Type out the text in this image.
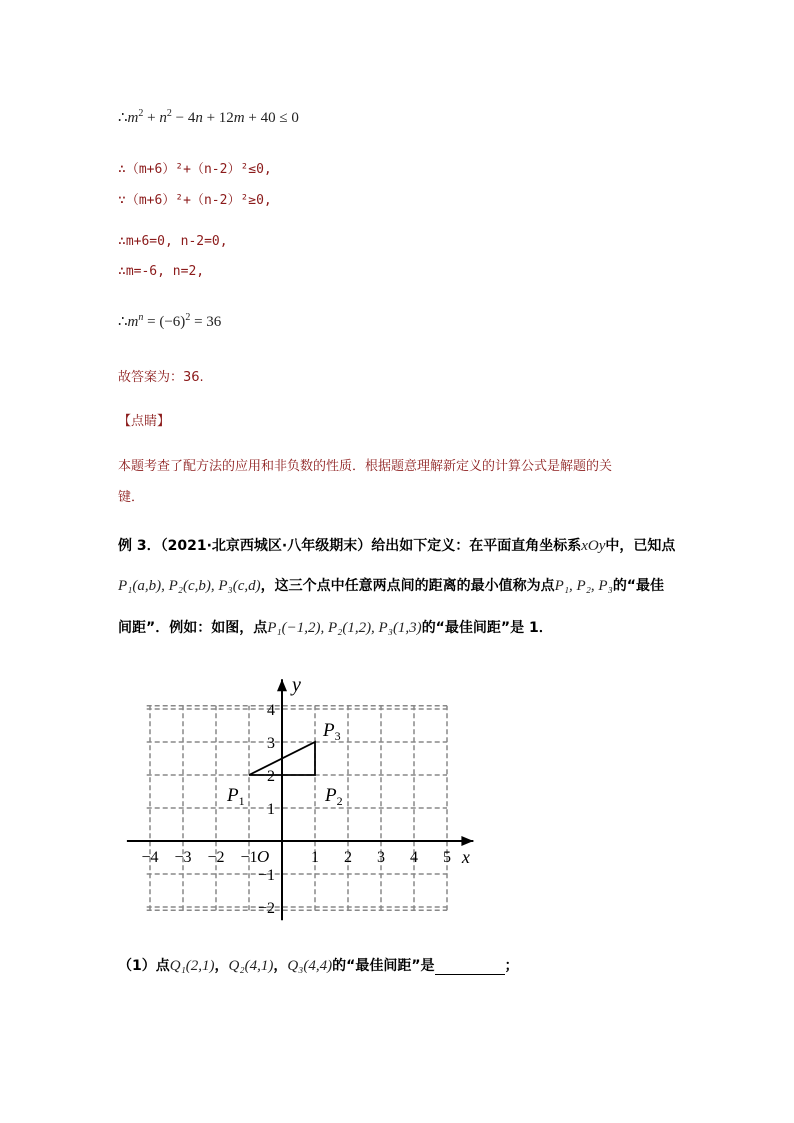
$\therefore m^2 + n^2 - 4n + 12m + 40 \le 0$
∴（m+6）²+（n-2）²≤0,
∵（m+6）²+（n-2）²≥0,
∴m+6=0, n-2=0,
∴m=-6, n=2,
$\therefore m^n = (-6)^2 = 36$
故答案为：36.
【点睛】
本题考查了配方法的应用和非负数的性质．根据题意理解新定义的计算公式是解题的关
键．
例 3．（2021·北京西城区·八年级期末）给出如下定义：在平面直角坐标系xOy中，已知点
P₁(a,b), P₂(c,b), P₃(c,d)，这三个点中任意两点间的距离的最小值称为点P₁, P₂, P₃的“最佳
间距”．例如：如图，点P₁(−1,2), P₂(1,2), P₃(1,3)的“最佳间距”是 1．
x
y
O
−4 −3 −2 −1	1 2 3 4 5
4
3
2
1
−1
−2
$P_1$	$P_2$
$P_3$
（1）点Q₁(2,1)，Q₂(4,1)，Q₃(4,4)的“最佳间距”是	；
